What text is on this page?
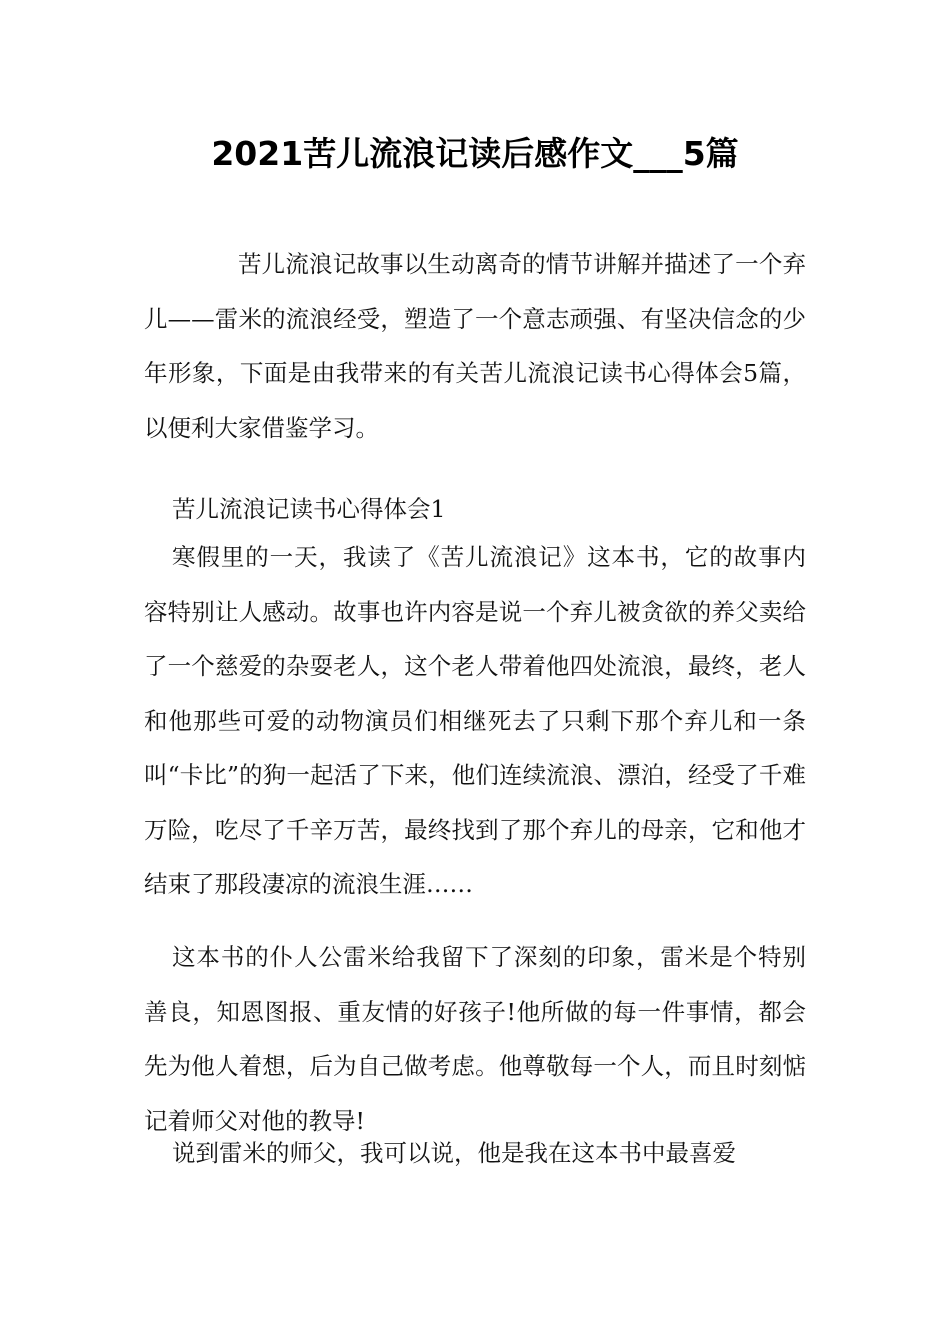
2021苦儿流浪记读后感作文___5篇

苦儿流浪记故事以生动离奇的情节讲解并描述了一个弃儿——雷米的流浪经受，塑造了一个意志顽强、有坚决信念的少年形象，下面是由我带来的有关苦儿流浪记读书心得体会5篇，以便利大家借鉴学习。

苦儿流浪记读书心得体会1

寒假里的一天，我读了《苦儿流浪记》这本书，它的故事内容特别让人感动。故事也许内容是说一个弃儿被贪欲的养父卖给了一个慈爱的杂耍老人，这个老人带着他四处流浪，最终，老人和他那些可爱的动物演员们相继死去了只剩下那个弃儿和一条叫“卡比”的狗一起活了下来，他们连续流浪、漂泊，经受了千难万险，吃尽了千辛万苦，最终找到了那个弃儿的母亲，它和他才结束了那段凄凉的流浪生涯……

这本书的仆人公雷米给我留下了深刻的印象，雷米是个特别善良，知恩图报、重友情的好孩子!他所做的每一件事情，都会先为他人着想，后为自己做考虑。他尊敬每一个人，而且时刻惦记着师父对他的教导!

说到雷米的师父，我可以说，他是我在这本书中最喜爱
